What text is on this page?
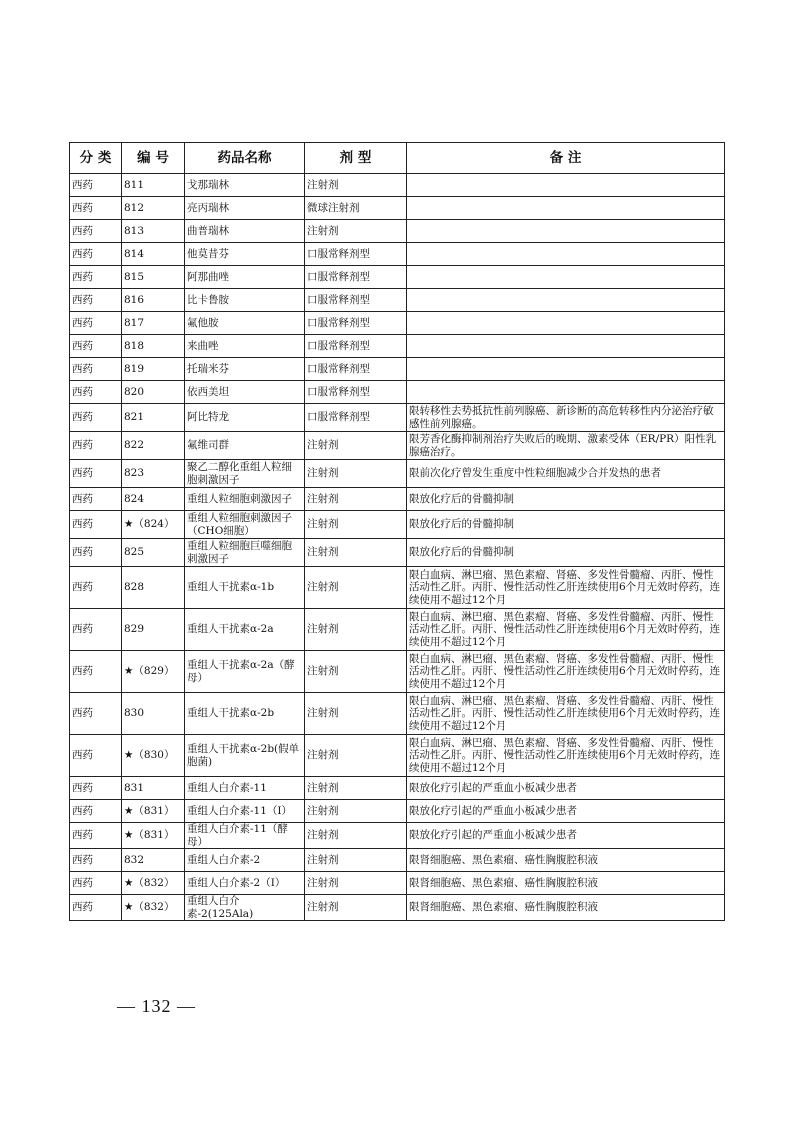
分 类	编 号	药品名称	剂 型	备 注
西药	811	戈那瑞林	注射剂	
西药	812	亮丙瑞林	微球注射剂	
西药	813	曲普瑞林	注射剂	
西药	814	他莫昔芬	口服常释剂型	
西药	815	阿那曲唑	口服常释剂型	
西药	816	比卡鲁胺	口服常释剂型	
西药	817	氟他胺	口服常释剂型	
西药	818	来曲唑	口服常释剂型	
西药	819	托瑞米芬	口服常释剂型	
西药	820	依西美坦	口服常释剂型	
西药	821	阿比特龙	口服常释剂型	限转移性去势抵抗性前列腺癌、新诊断的高危转移性内分泌治疗敏感性前列腺癌。
西药	822	氟维司群	注射剂	限芳香化酶抑制剂治疗失败后的晚期、激素受体（ER/PR）阳性乳腺癌治疗。
西药	823	聚乙二醇化重组人粒细胞刺激因子	注射剂	限前次化疗曾发生重度中性粒细胞减少合并发热的患者
西药	824	重组人粒细胞刺激因子	注射剂	限放化疗后的骨髓抑制
西药	★（824）	重组人粒细胞刺激因子（CHO细胞）	注射剂	限放化疗后的骨髓抑制
西药	825	重组人粒细胞巨噬细胞刺激因子	注射剂	限放化疗后的骨髓抑制
西药	828	重组人干扰素α-1b	注射剂	限白血病、淋巴瘤、黑色素瘤、肾癌、多发性骨髓瘤、丙肝、慢性活动性乙肝。丙肝、慢性活动性乙肝连续使用6个月无效时停药，连续使用不超过12个月
西药	829	重组人干扰素α-2a	注射剂	限白血病、淋巴瘤、黑色素瘤、肾癌、多发性骨髓瘤、丙肝、慢性活动性乙肝。丙肝、慢性活动性乙肝连续使用6个月无效时停药，连续使用不超过12个月
西药	★（829）	重组人干扰素α-2a（酵母）	注射剂	限白血病、淋巴瘤、黑色素瘤、肾癌、多发性骨髓瘤、丙肝、慢性活动性乙肝。丙肝、慢性活动性乙肝连续使用6个月无效时停药，连续使用不超过12个月
西药	830	重组人干扰素α-2b	注射剂	限白血病、淋巴瘤、黑色素瘤、肾癌、多发性骨髓瘤、丙肝、慢性活动性乙肝。丙肝、慢性活动性乙肝连续使用6个月无效时停药，连续使用不超过12个月
西药	★（830）	重组人干扰素α-2b(假单胞菌)	注射剂	限白血病、淋巴瘤、黑色素瘤、肾癌、多发性骨髓瘤、丙肝、慢性活动性乙肝。丙肝、慢性活动性乙肝连续使用6个月无效时停药，连续使用不超过12个月
西药	831	重组人白介素-11	注射剂	限放化疗引起的严重血小板减少患者
西药	★（831）	重组人白介素-11（Ⅰ）	注射剂	限放化疗引起的严重血小板减少患者
西药	★（831）	重组人白介素-11（酵母）	注射剂	限放化疗引起的严重血小板减少患者
西药	832	重组人白介素-2	注射剂	限肾细胞癌、黑色素瘤、癌性胸腹腔积液
西药	★（832）	重组人白介素-2（Ⅰ）	注射剂	限肾细胞癌、黑色素瘤、癌性胸腹腔积液
西药	★（832）	重组人白介素-2(125Ala)	注射剂	限肾细胞癌、黑色素瘤、癌性胸腹腔积液
— 132 —
